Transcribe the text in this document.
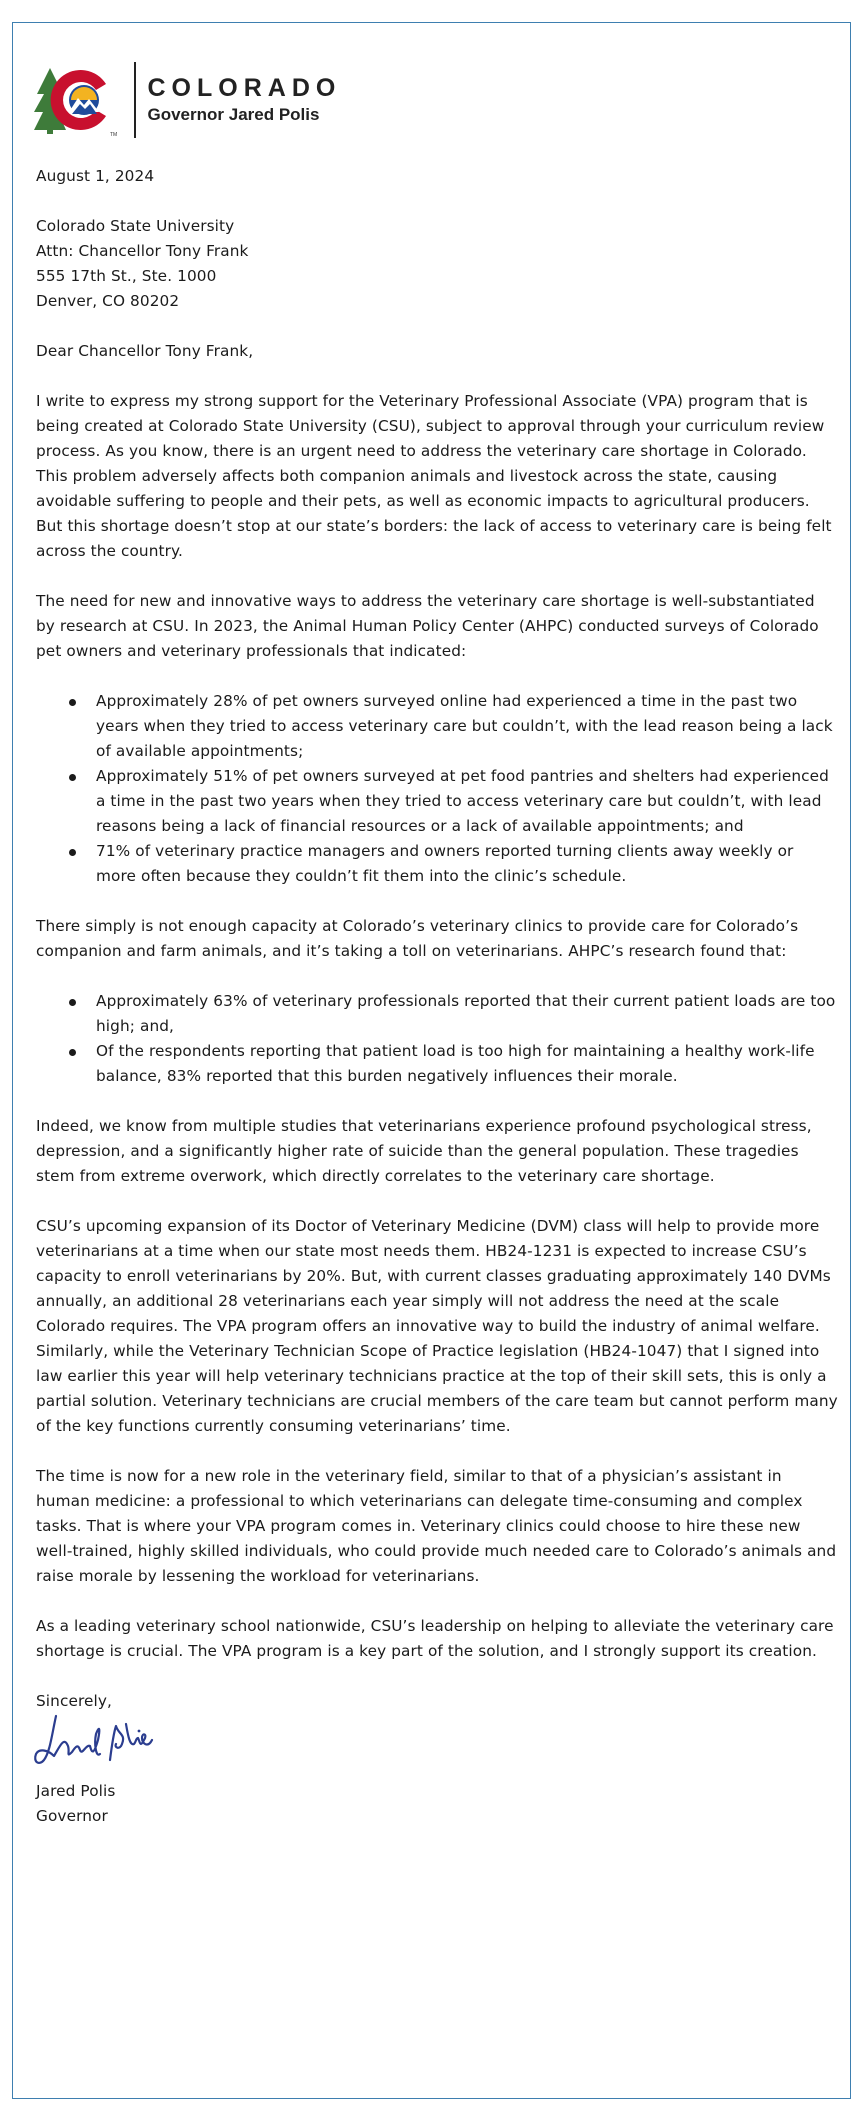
TM
COLORADO
Governor Jared Polis

August 1, 2024

Colorado State University
Attn: Chancellor Tony Frank
555 17th St., Ste. 1000
Denver, CO 80202

Dear Chancellor Tony Frank,

I write to express my strong support for the Veterinary Professional Associate (VPA) program that is being created at Colorado State University (CSU), subject to approval through your curriculum review process. As you know, there is an urgent need to address the veterinary care shortage in Colorado. This problem adversely affects both companion animals and livestock across the state, causing avoidable suffering to people and their pets, as well as economic impacts to agricultural producers. But this shortage doesn’t stop at our state’s borders: the lack of access to veterinary care is being felt across the country.

The need for new and innovative ways to address the veterinary care shortage is well-substantiated by research at CSU. In 2023, the Animal Human Policy Center (AHPC) conducted surveys of Colorado pet owners and veterinary professionals that indicated:

Approximately 28% of pet owners surveyed online had experienced a time in the past two years when they tried to access veterinary care but couldn’t, with the lead reason being a lack of available appointments;
Approximately 51% of pet owners surveyed at pet food pantries and shelters had experienced a time in the past two years when they tried to access veterinary care but couldn’t, with lead reasons being a lack of financial resources or a lack of available appointments; and
71% of veterinary practice managers and owners reported turning clients away weekly or more often because they couldn’t fit them into the clinic’s schedule.

There simply is not enough capacity at Colorado’s veterinary clinics to provide care for Colorado’s companion and farm animals, and it’s taking a toll on veterinarians. AHPC’s research found that:

Approximately 63% of veterinary professionals reported that their current patient loads are too high; and,
Of the respondents reporting that patient load is too high for maintaining a healthy work-life balance, 83% reported that this burden negatively influences their morale.

Indeed, we know from multiple studies that veterinarians experience profound psychological stress, depression, and a significantly higher rate of suicide than the general population. These tragedies stem from extreme overwork, which directly correlates to the veterinary care shortage.

CSU’s upcoming expansion of its Doctor of Veterinary Medicine (DVM) class will help to provide more veterinarians at a time when our state most needs them. HB24-1231 is expected to increase CSU’s capacity to enroll veterinarians by 20%. But, with current classes graduating approximately 140 DVMs annually, an additional 28 veterinarians each year simply will not address the need at the scale Colorado requires. The VPA program offers an innovative way to build the industry of animal welfare. Similarly, while the Veterinary Technician Scope of Practice legislation (HB24-1047) that I signed into law earlier this year will help veterinary technicians practice at the top of their skill sets, this is only a partial solution. Veterinary technicians are crucial members of the care team but cannot perform many of the key functions currently consuming veterinarians’ time.

The time is now for a new role in the veterinary field, similar to that of a physician’s assistant in human medicine: a professional to which veterinarians can delegate time-consuming and complex tasks. That is where your VPA program comes in. Veterinary clinics could choose to hire these new well-trained, highly skilled individuals, who could provide much needed care to Colorado’s animals and raise morale by lessening the workload for veterinarians.

As a leading veterinary school nationwide, CSU’s leadership on helping to alleviate the veterinary care shortage is crucial. The VPA program is a key part of the solution, and I strongly support its creation.

Sincerely,

Jared Polis

Governor
